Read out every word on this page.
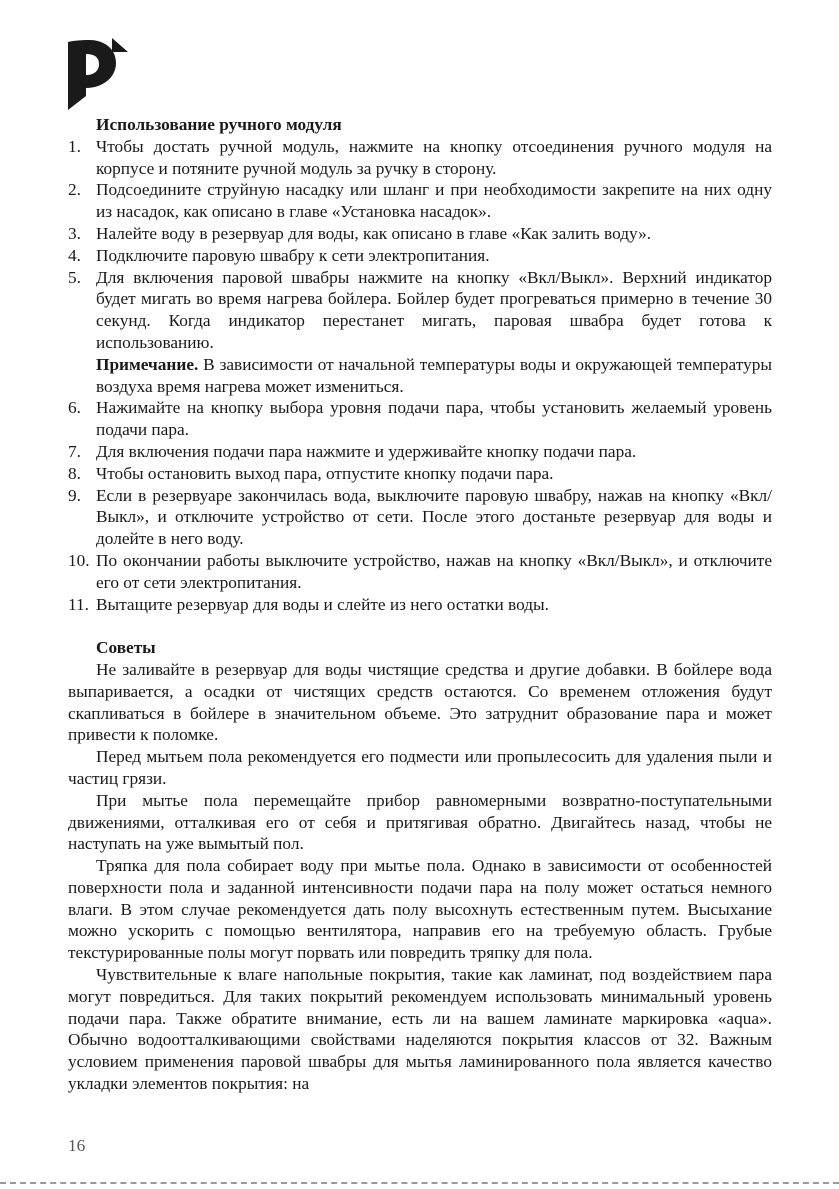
Использование ручного модуля
1. Чтобы достать ручной модуль, нажмите на кнопку отсоединения ручного модуля на корпусе и потяните ручной модуль за ручку в сторону.
2. Подсоедините струйную насадку или шланг и при необходимости закрепите на них одну из насадок, как описано в главе «Установка насадок».
3. Налейте воду в резервуар для воды, как описано в главе «Как залить воду».
4. Подключите паровую швабру к сети электропитания.
5. Для включения паровой швабры нажмите на кнопку «Вкл/Выкл». Верхний индикатор будет мигать во время нагрева бойлера. Бойлер будет прогреваться примерно в течение 30 секунд. Когда индикатор перестанет мигать, паровая швабра будет готова к использованию.
Примечание. В зависимости от начальной температуры воды и окружающей температуры воздуха время нагрева может измениться.
6. Нажимайте на кнопку выбора уровня подачи пара, чтобы установить желаемый уровень подачи пара.
7. Для включения подачи пара нажмите и удерживайте кнопку подачи пара.
8. Чтобы остановить выход пара, отпустите кнопку подачи пара.
9. Если в резервуаре закончилась вода, выключите паровую швабру, нажав на кнопку «Вкл/Выкл», и отключите устройство от сети. После этого достаньте резервуар для воды и долейте в него воду.
10. По окончании работы выключите устройство, нажав на кнопку «Вкл/Выкл», и отключите его от сети электропитания.
11. Вытащите резервуар для воды и слейте из него остатки воды.
Советы

Не заливайте в резервуар для воды чистящие средства и другие добавки. В бойлере вода выпаривается, а осадки от чистящих средств остаются. Со временем отложения будут скапливаться в бойлере в значительном объеме. Это затруднит образование пара и может привести к поломке.

Перед мытьем пола рекомендуется его подмести или пропылесосить для удаления пыли и частиц грязи.

При мытье пола перемещайте прибор равномерными возвратно-поступательными движениями, отталкивая его от себя и притягивая обратно. Двигайтесь назад, чтобы не наступать на уже вымытый пол.

Тряпка для пола собирает воду при мытье пола. Однако в зависимости от особенностей поверхности пола и заданной интенсивности подачи пара на полу может остаться немного влаги. В этом случае рекомендуется дать полу высохнуть естественным путем. Высыхание можно ускорить с помощью вентилятора, направив его на требуемую область. Грубые текстурированные полы могут порвать или повредить тряпку для пола.

Чувствительные к влаге напольные покрытия, такие как ламинат, под воздействием пара могут повредиться. Для таких покрытий рекомендуем использовать минимальный уровень подачи пара. Также обратите внимание, есть ли на вашем ламинате маркировка «aqua». Обычно водоотталкивающими свойствами наделяются покрытия классов от 32. Важным условием применения паровой швабры для мытья ламинированного пола является качество укладки элементов покрытия: на

16
